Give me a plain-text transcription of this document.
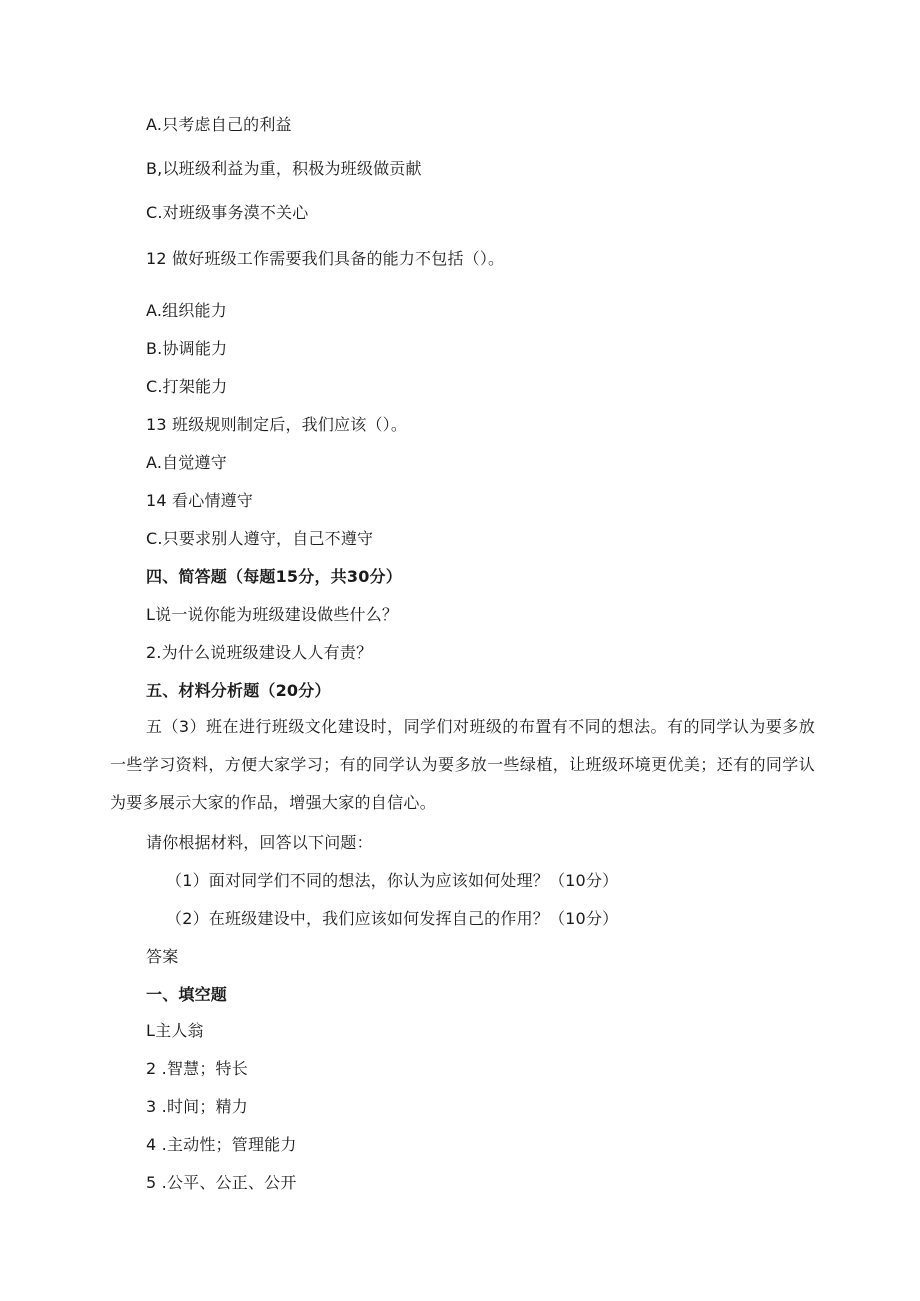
A.只考虑自己的利益
B,以班级利益为重，积极为班级做贡献
C.对班级事务漠不关心
12 做好班级工作需要我们具备的能力不包括（）。
A.组织能力
B.协调能力
C.打架能力
13 班级规则制定后，我们应该（）。
A.自觉遵守
14 看心情遵守
C.只要求别人遵守，自己不遵守
四、简答题（每题15分，共30分）
L说一说你能为班级建设做些什么？
2.为什么说班级建设人人有责？
五、材料分析题（20分）
五（3）班在进行班级文化建设时，同学们对班级的布置有不同的想法。有的同学认为要多放一些学习资料，方便大家学习；有的同学认为要多放一些绿植，让班级环境更优美；还有的同学认为要多展示大家的作品，增强大家的自信心。
请你根据材料，回答以下问题：
（1）面对同学们不同的想法，你认为应该如何处理？（10分）
（2）在班级建设中，我们应该如何发挥自己的作用？（10分）
答案
一、填空题
L主人翁
2 .智慧；特长
3 .时间；精力
4 .主动性；管理能力
5 .公平、公正、公开
